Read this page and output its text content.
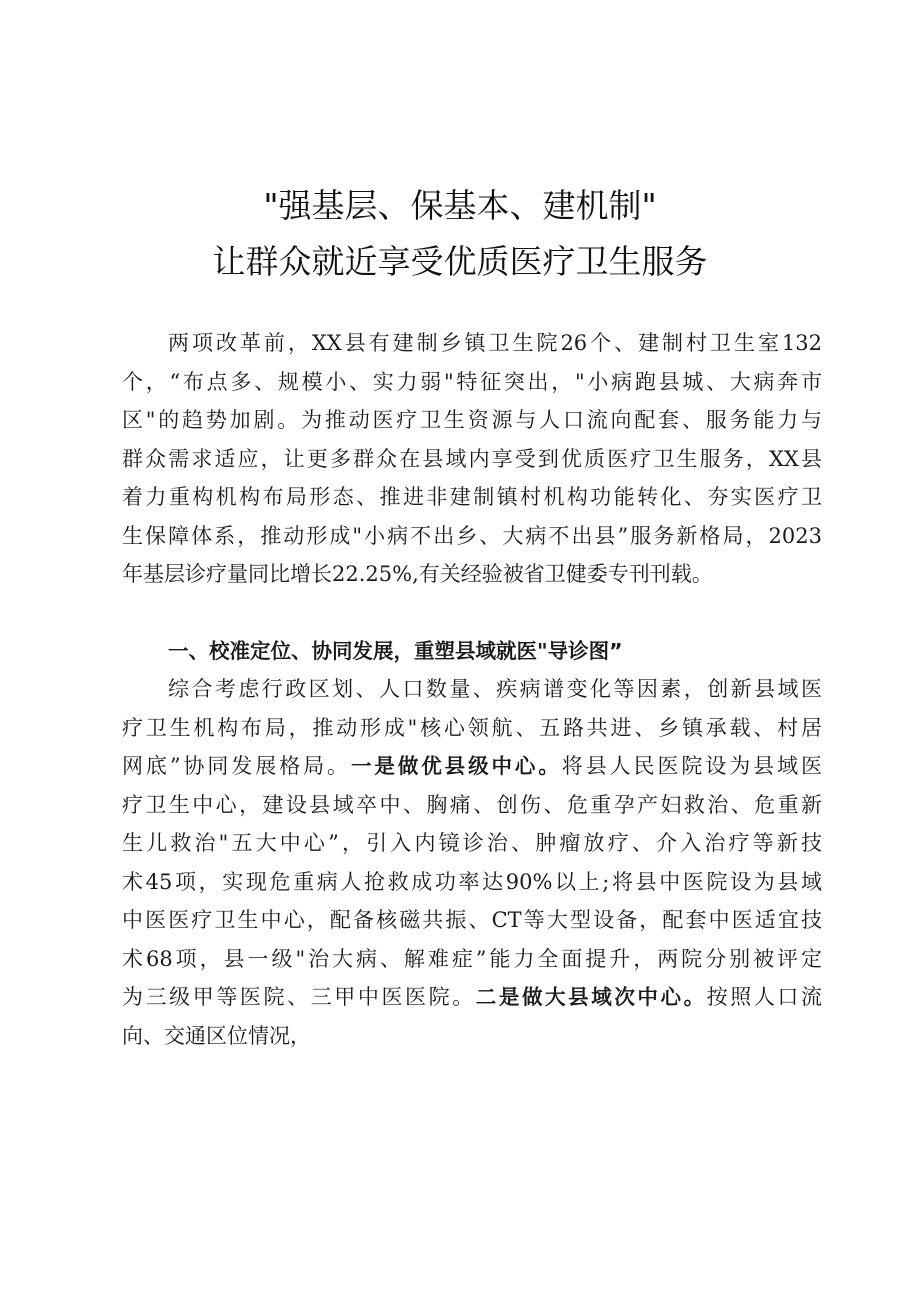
"强基层、保基本、建机制"
让群众就近享受优质医疗卫生服务
两项改革前，XX县有建制乡镇卫生院26个、建制村卫生室132
个，“布点多、规模小、实力弱"特征突出，"小病跑县城、大病奔市
区"的趋势加剧。为推动医疗卫生资源与人口流向配套、服务能力与
群众需求适应，让更多群众在县域内享受到优质医疗卫生服务，XX县
着力重构机构布局形态、推进非建制镇村机构功能转化、夯实医疗卫
生保障体系，推动形成"小病不出乡、大病不出县”服务新格局，2023
年基层诊疗量同比增长22.25%,有关经验被省卫健委专刊刊载。
一、校准定位、协同发展，重塑县域就医"导诊图”
综合考虑行政区划、人口数量、疾病谱变化等因素，创新县域医
疗卫生机构布局，推动形成"核心领航、五路共进、乡镇承载、村居
网底”协同发展格局。一是做优县级中心。将县人民医院设为县域医
疗卫生中心，建设县域卒中、胸痛、创伤、危重孕产妇救治、危重新
生儿救治"五大中心”，引入内镜诊治、肿瘤放疗、介入治疗等新技
术45项，实现危重病人抢救成功率达90%以上;将县中医院设为县域
中医医疗卫生中心，配备核磁共振、CT等大型设备，配套中医适宜技
术68项，县一级"治大病、解难症”能力全面提升，两院分别被评定
为三级甲等医院、三甲中医医院。二是做大县域次中心。按照人口流
向、交通区位情况，
